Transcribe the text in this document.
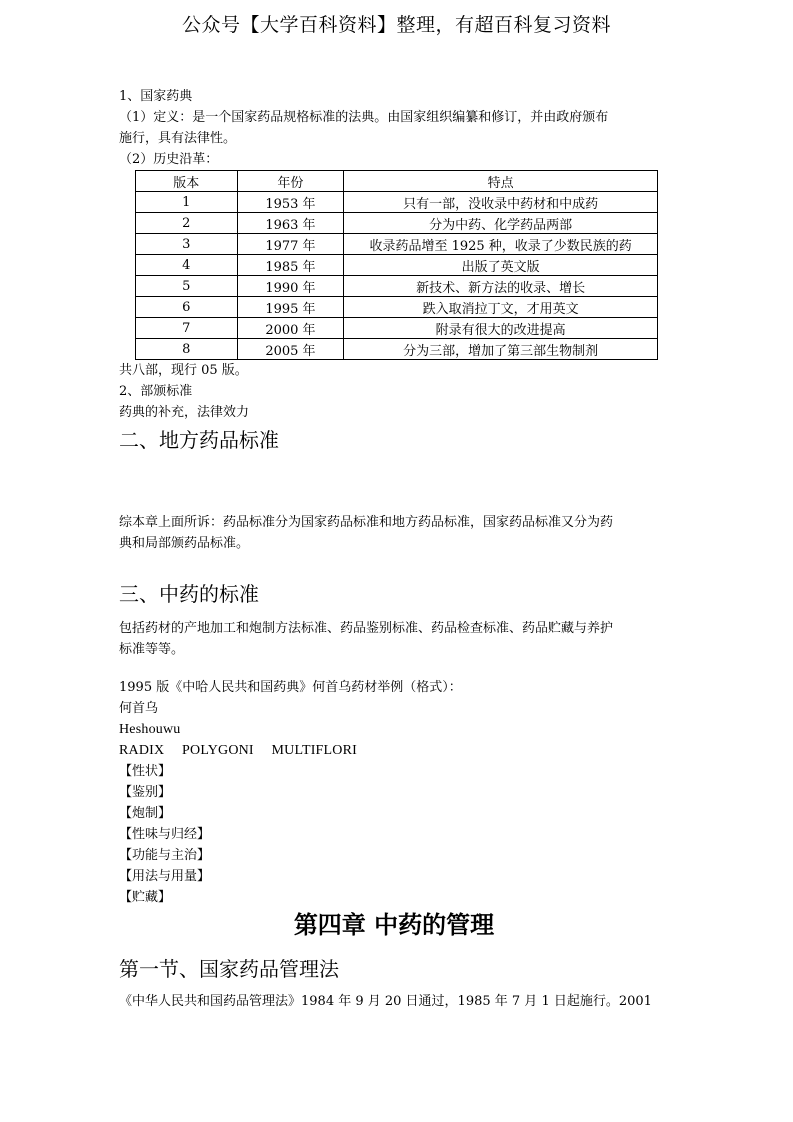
公众号【大学百科资料】整理，有超百科复习资料
1、国家药典
（1）定义：是一个国家药品规格标准的法典。由国家组织编纂和修订，并由政府颁布
施行，具有法律性。
（2）历史沿革：
版本	年份	特点
1	1953 年	只有一部，没收录中药材和中成药
2	1963 年	分为中药、化学药品两部
3	1977 年	收录药品增至 1925 种，收录了少数民族的药
4	1985 年	出版了英文版
5	1990 年	新技术、新方法的收录、增长
6	1995 年	跌入取消拉丁文，才用英文
7	2000 年	附录有很大的改进提高
8	2005 年	分为三部，增加了第三部生物制剂
共八部，现行 05 版。
2、部颁标准
药典的补充，法律效力
二、地方药品标准
综本章上面所诉：药品标准分为国家药品标准和地方药品标准，国家药品标准又分为药
典和局部颁药品标准。
三、中药的标准
包括药材的产地加工和炮制方法标准、药品鉴别标准、药品检查标准、药品贮藏与养护
标准等等。
1995 版《中哈人民共和国药典》何首乌药材举例（格式）：
何首乌
Heshouwu
RADIX POLYGONI MULTIFLORI
【性状】
【鉴别】
【炮制】
【性味与归经】
【功能与主治】
【用法与用量】
【贮藏】
第四章 中药的管理
第一节、国家药品管理法
《中华人民共和国药品管理法》1984 年 9 月 20 日通过，1985 年 7 月 1 日起施行。2001
